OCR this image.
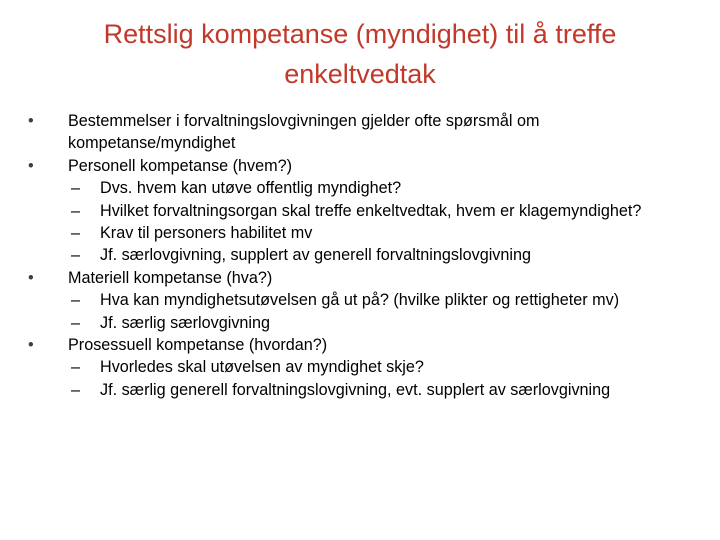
Rettslig kompetanse (myndighet) til å treffe
enkeltvedtak
•	Bestemmelser i forvaltningslovgivningen gjelder ofte spørsmål om kompetanse/myndighet
•	Personell kompetanse (hvem?)
–	Dvs. hvem kan utøve offentlig myndighet?
–	Hvilket forvaltningsorgan skal treffe enkeltvedtak, hvem er klagemyndighet?
–	Krav til personers habilitet mv
–	Jf. særlovgivning, supplert av generell forvaltningslovgivning
•	Materiell kompetanse (hva?)
–	Hva kan myndighetsutøvelsen gå ut på? (hvilke plikter og rettigheter mv)
–	Jf. særlig særlovgivning
•	Prosessuell kompetanse (hvordan?)
–	Hvorledes skal utøvelsen av myndighet skje?
–	Jf. særlig generell forvaltningslovgivning, evt. supplert av særlovgivning
